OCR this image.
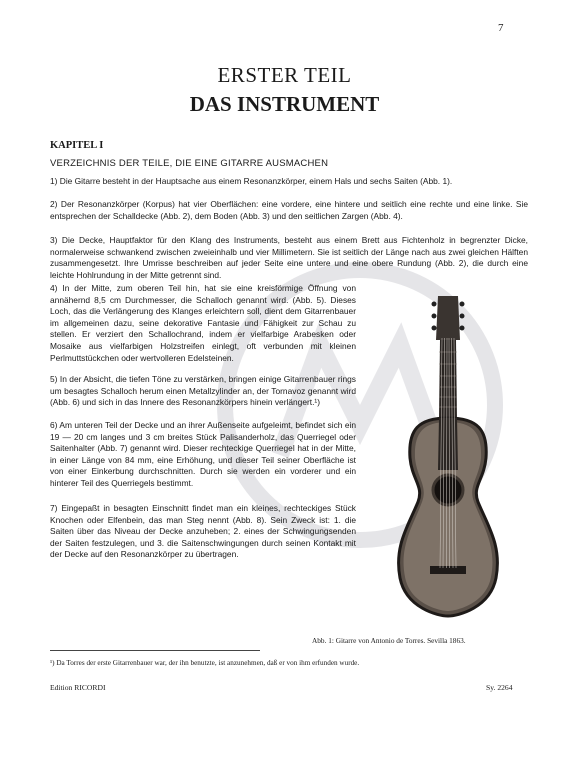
7
ERSTER TEIL
DAS INSTRUMENT
KAPITEL I
VERZEICHNIS DER TEILE, DIE EINE GITARRE AUSMACHEN

1) Die Gitarre besteht in der Hauptsache aus einem Resonanzkörper, einem Hals und sechs Saiten (Abb. 1).

2) Der Resonanzkörper (Korpus) hat vier Oberflächen: eine vordere, eine hintere und seitlich eine rechte und eine linke. Sie entsprechen der Schalldecke (Abb. 2), dem Boden (Abb. 3) und den seitlichen Zargen (Abb. 4).

3) Die Decke, Hauptfaktor für den Klang des Instruments, besteht aus einem Brett aus Fichtenholz in begrenzter Dicke, normalerweise schwankend zwischen zweieinhalb und vier Millimetern. Sie ist seitlich der Länge nach aus zwei gleichen Hälften zusammengesetzt. Ihre Umrisse beschreiben auf jeder Seite eine untere und eine obere Rundung (Abb. 2), die durch eine leichte Hohlrundung in der Mitte getrennt sind.

4) In der Mitte, zum oberen Teil hin, hat sie eine kreisförmige Öffnung von annähernd 8,5 cm Durchmesser, die Schalloch genannt wird. (Abb. 5). Dieses Loch, das die Verlängerung des Klanges erleichtern soll, dient dem Gitarrenbauer im allgemeinen dazu, seine dekorative Fantasie und Fähigkeit zur Schau zu stellen. Er verziert den Schallochrand, indem er vielfarbige Arabesken oder Mosaike aus vielfarbigen Holzstreifen einlegt, oft verbunden mit kleinen Perlmuttstückchen oder wertvolleren Edelsteinen.

5) In der Absicht, die tiefen Töne zu verstärken, bringen einige Gitarrenbauer rings um besagtes Schalloch herum einen Metallzylinder an, der Tornavoz genannt wird (Abb. 6) und sich in das Innere des Resonanzkörpers hinein verlängert.¹)

6) Am unteren Teil der Decke und an ihrer Außenseite aufgeleimt, befindet sich ein 19 — 20 cm langes und 3 cm breites Stück Palisanderholz, das Querriegel oder Saitenhalter (Abb. 7) genannt wird. Dieser rechteckige Querriegel hat in der Mitte, in einer Länge von 84 mm, eine Erhöhung, und dieser Teil seiner Oberfläche ist von einer Einkerbung durchschnitten. Durch sie werden ein vorderer und ein hinterer Teil des Querriegels bestimmt.

7) Eingepaßt in besagten Einschnitt findet man ein kleines, rechteckiges Stück Knochen oder Elfenbein, das man Steg nennt (Abb. 8). Sein Zweck ist: 1. die Saiten über das Niveau der Decke anzuheben; 2. eines der Schwingungsenden der Saiten festzulegen, und 3. die Saitenschwingungen durch seinen Kontakt mit der Decke auf den Resonanzkörper zu übertragen.

Abb. 1: Gitarre von Antonio de Torres. Sevilla 1863.
¹) Da Torres der erste Gitarrenbauer war, der ihn benutzte, ist anzunehmen, daß er von ihm erfunden wurde.
Edition RICORDI	Sy. 2264
